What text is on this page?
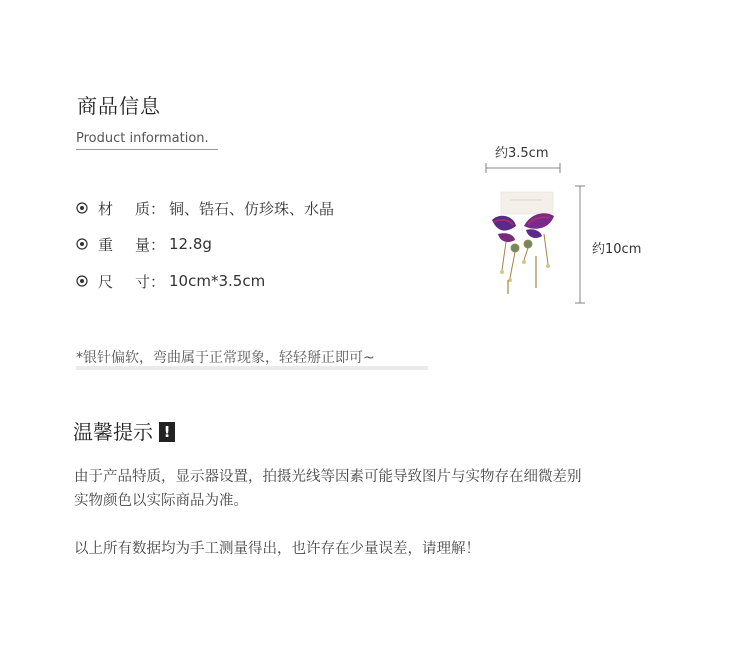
商品信息
Product information.
材 质 ： 铜、锆石、仿珍珠、水晶
重 量 ： 12.8g
尺 寸 ： 10cm*3.5cm
约3.5cm
约10cm
*银针偏软，弯曲属于正常现象，轻轻掰正即可~
温馨提示 !
由于产品特质，显示器设置，拍摄光线等因素可能导致图片与实物存在细微差别
实物颜色以实际商品为准。
以上所有数据均为手工测量得出，也许存在少量误差，请理解！
